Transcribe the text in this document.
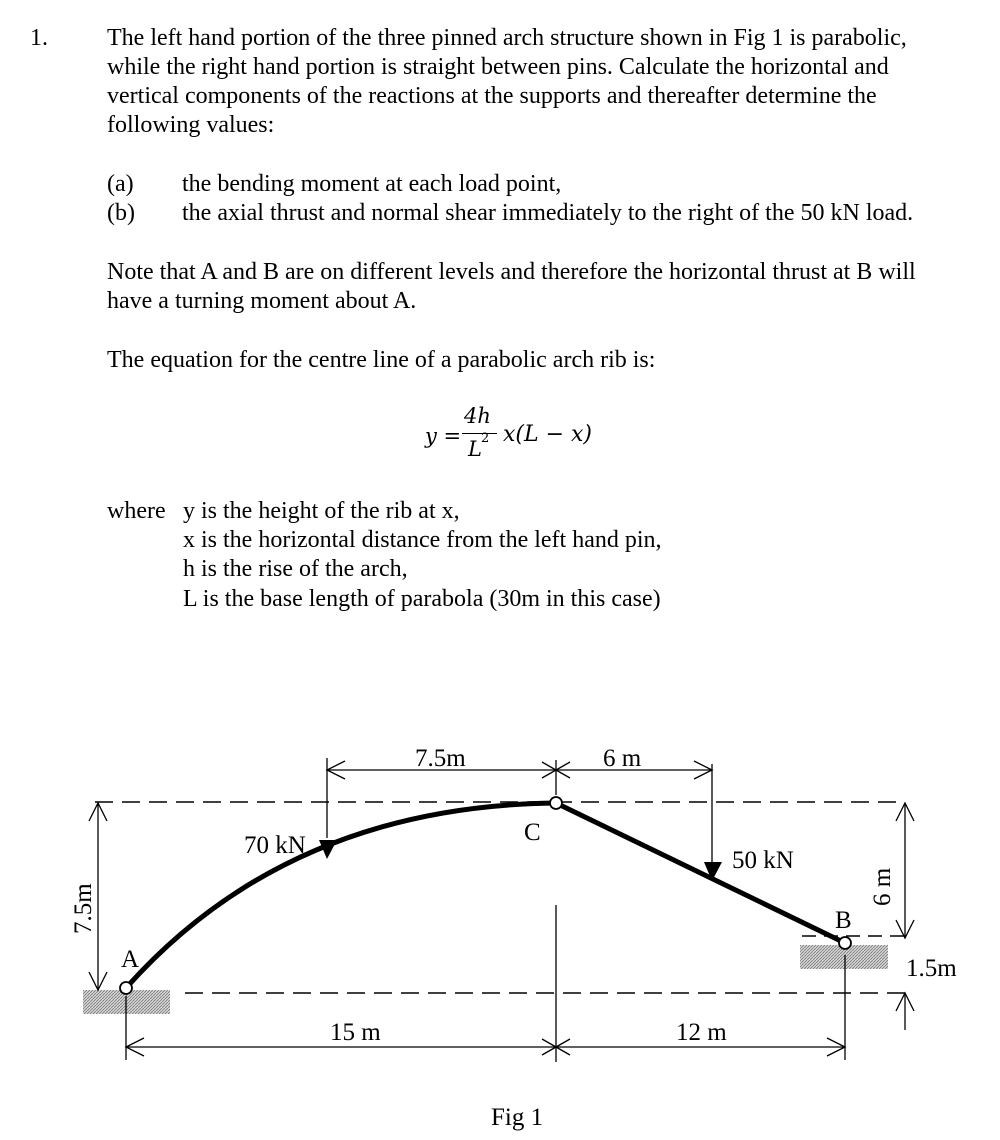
1. The left hand portion of the three pinned arch structure shown in Fig 1 is parabolic,
while the right hand portion is straight between pins. Calculate the horizontal and
vertical components of the reactions at the supports and thereafter determine the
following values:
(a) the bending moment at each load point,
(b) the axial thrust and normal shear immediately to the right of the 50 kN load.
Note that A and B are on different levels and therefore the horizontal thrust at B will
have a turning moment about A.
The equation for the centre line of a parabolic arch rib is:
y =
4h
L 2 x(L − x)
where y is the height of the rib at x,
x is the horizontal distance from the left hand pin,
h is the rise of the arch,
L is the base length of parabola (30m in this case)
A
B
C
70 kN
50 kN
7.5m	6 m
15 m	12 m
1.5m
7.5m	6 m
Fig 1
